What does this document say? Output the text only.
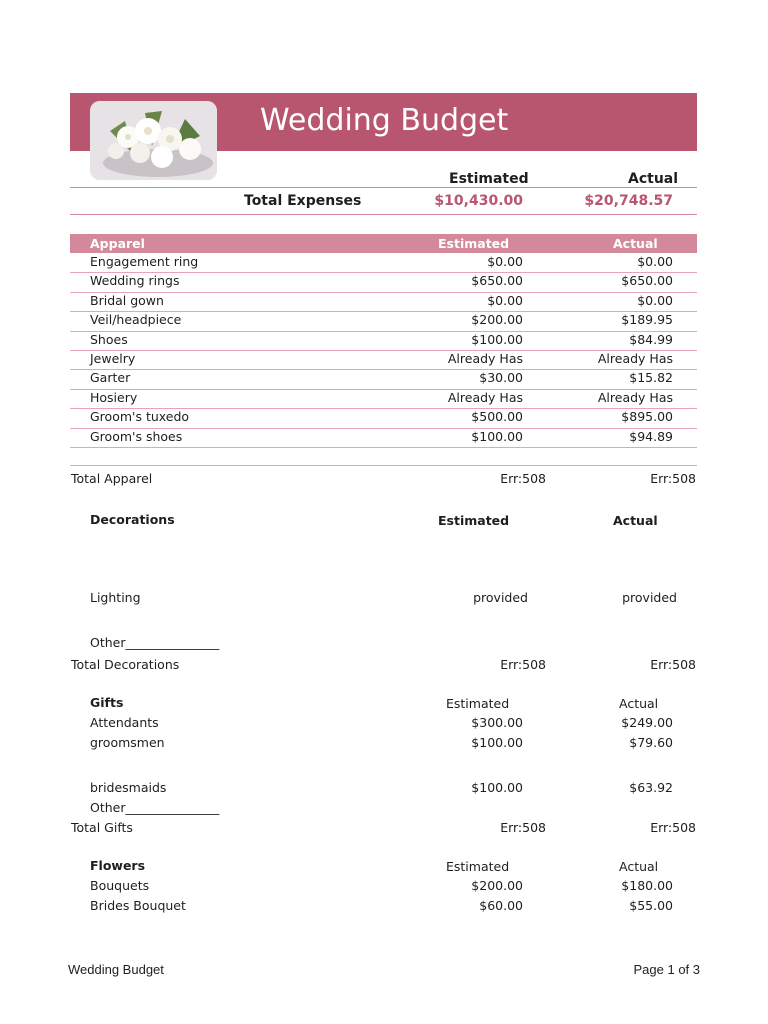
Wedding Budget
Estimated	Actual
Total Expenses	$10,430.00	$20,748.57
Apparel	Estimated	Actual
Engagement ring	$0.00	$0.00
Wedding rings	$650.00	$650.00
Bridal gown	$0.00	$0.00
Veil/headpiece	$200.00	$189.95
Shoes	$100.00	$84.99
Jewelry	Already Has	Already Has
Garter	$30.00	$15.82
Hosiery	Already Has	Already Has
Groom's tuxedo	$500.00	$895.00
Groom's shoes	$100.00	$94.89
Total Apparel	Err:508	Err:508
Decorations	Estimated	Actual
Lighting	provided	provided
Other_______________
Total Decorations	Err:508	Err:508
Gifts	Estimated	Actual
Attendants	$300.00	$249.00
groomsmen	$100.00	$79.60
bridesmaids	$100.00	$63.92
Other_______________
Total Gifts	Err:508	Err:508
Flowers	Estimated	Actual
Bouquets	$200.00	$180.00
Brides Bouquet	$60.00	$55.00
Wedding Budget	Page 1 of 3
